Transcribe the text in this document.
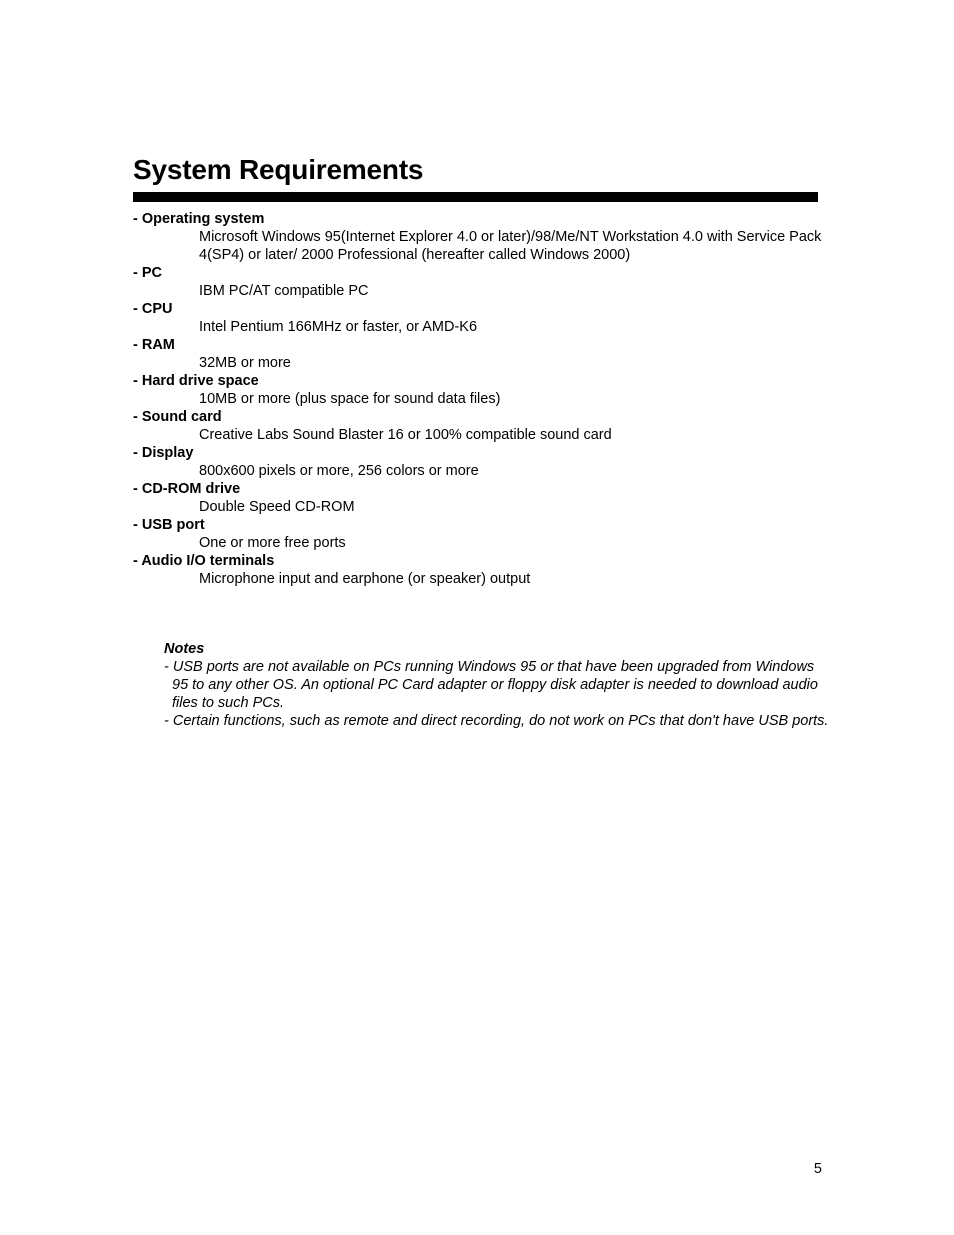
System Requirements
- Operating system
Microsoft Windows 95(Internet Explorer 4.0 or later)/98/Me/NT Workstation 4.0 with Service Pack 4(SP4) or later/ 2000 Professional (hereafter called Windows 2000)
- PC
IBM PC/AT compatible PC
- CPU
Intel Pentium 166MHz or faster, or AMD-K6
- RAM
32MB or more
- Hard drive space
10MB or more (plus space for sound data files)
- Sound card
Creative Labs Sound Blaster 16 or 100% compatible sound card
- Display
800x600 pixels or more, 256 colors or more
- CD-ROM drive
Double Speed CD-ROM
- USB port
One or more free ports
- Audio I/O terminals
Microphone input and earphone (or speaker) output
Notes
- USB ports are not available on PCs running Windows 95 or that have been upgraded from Windows 95 to any other OS. An optional PC Card adapter or floppy disk adapter is needed to download audio files to such PCs.
- Certain functions, such as remote and direct recording, do not work on PCs that don't have USB ports.
5
